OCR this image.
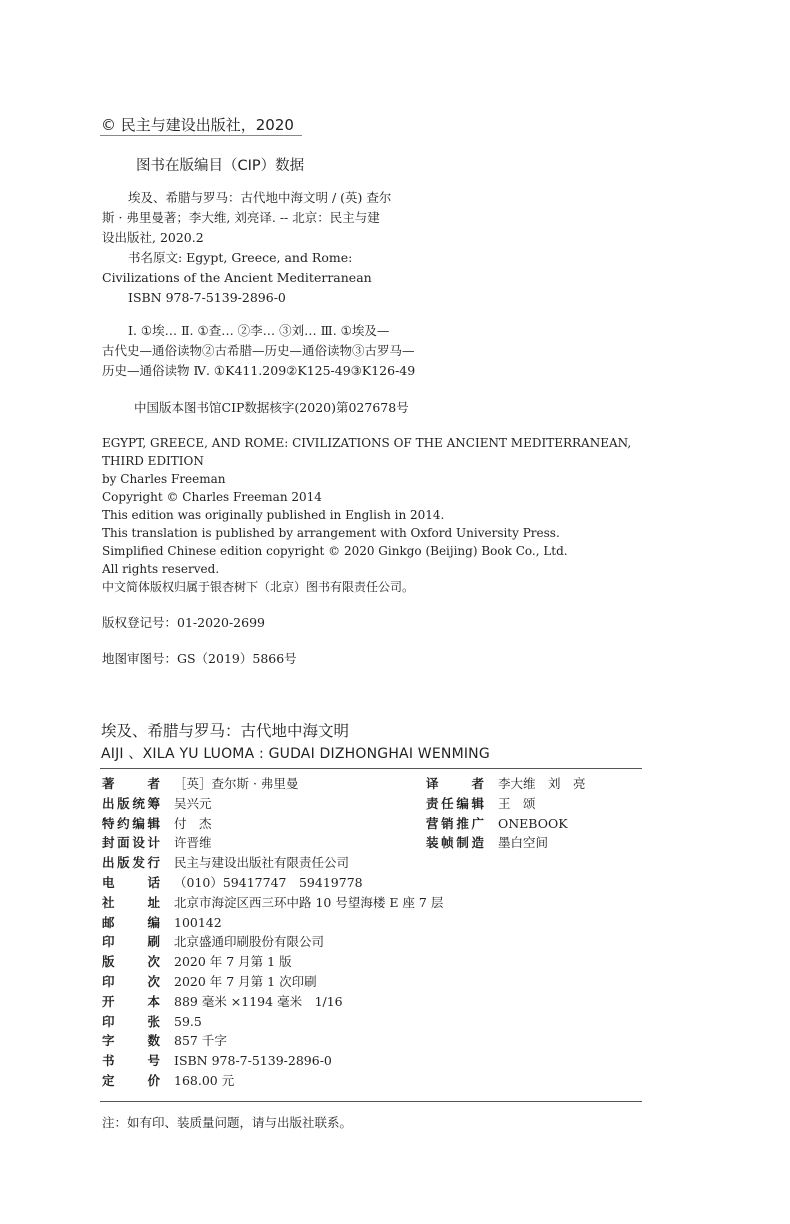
© 民主与建设出版社，2020
图书在版编目（CIP）数据
埃及、希腊与罗马：古代地中海文明 / (英) 查尔
斯 · 弗里曼著；李大维, 刘亮译. -- 北京：民主与建
设出版社, 2020.2
书名原文: Egypt, Greece, and Rome:
Civilizations of the Ancient Mediterranean
ISBN 978-7-5139-2896-0
Ⅰ. ①埃… Ⅱ. ①查… ②李… ③刘… Ⅲ. ①埃及—
古代史—通俗读物②古希腊—历史—通俗读物③古罗马—
历史—通俗读物 Ⅳ. ①K411.209②K125-49③K126-49
中国版本图书馆CIP数据核字(2020)第027678号
EGYPT, GREECE, AND ROME: CIVILIZATIONS OF THE ANCIENT MEDITERRANEAN,
THIRD EDITION
by Charles Freeman
Copyright © Charles Freeman 2014
This edition was originally published in English in 2014.
This translation is published by arrangement with Oxford University Press.
Simplified Chinese edition copyright © 2020 Ginkgo (Beijing) Book Co., Ltd.
All rights reserved.
中文简体版权归属于银杏树下（北京）图书有限责任公司。
版权登记号：01-2020-2699
地图审图号：GS（2019）5866号
埃及、希腊与罗马：古代地中海文明
AIJI 、XILA YU LUOMA : GUDAI DIZHONGHAI WENMING
著者 ［英］查尔斯 · 弗里曼
出版统筹 吴兴元
特约编辑 付　杰
封面设计 许晋维
出版发行 民主与建设出版社有限责任公司
电话 （010）59417747　59419778
社址 北京市海淀区西三环中路 10 号望海楼 E 座 7 层
邮编 100142
印刷 北京盛通印刷股份有限公司
版次 2020 年 7 月第 1 版
印次 2020 年 7 月第 1 次印刷
开本 889 毫米 ×1194 毫米　1/16
印张 59.5
字数 857 千字
书号 ISBN 978-7-5139-2896-0
定价 168.00 元
译者 李大维　刘　亮
责任编辑 王　颂
营销推广 ONEBOOK
装帧制造 墨白空间
注：如有印、装质量问题，请与出版社联系。
